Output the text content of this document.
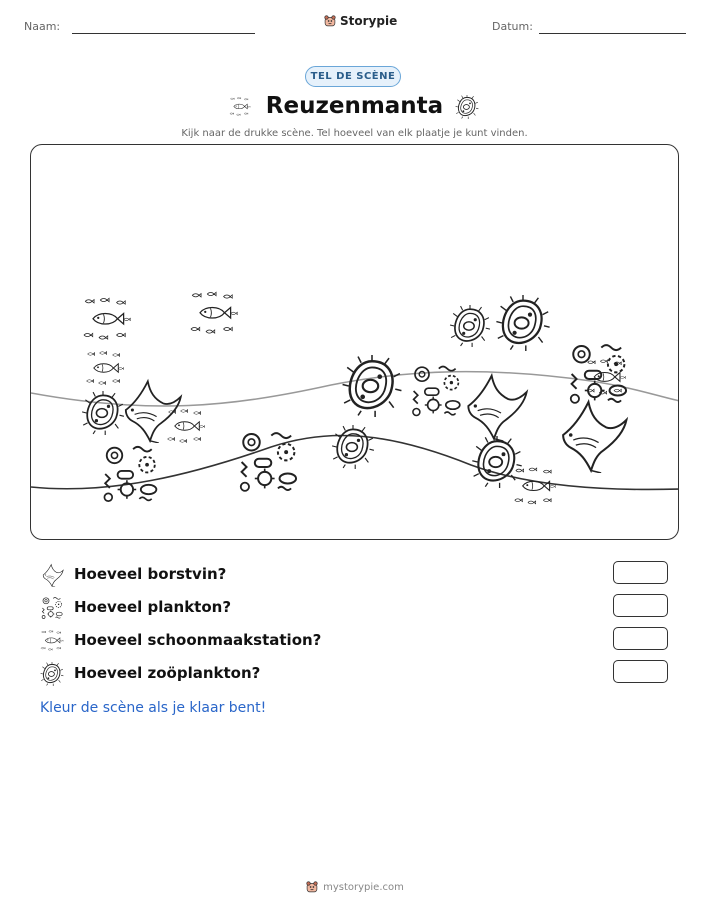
Naam:	Storypie	Datum:
TEL DE SCÈNE
Reuzenmanta
Kijk naar de drukke scène. Tel hoeveel van elk plaatje je kunt vinden.
Hoeveel borstvin?
Hoeveel plankton?
Hoeveel schoonmaakstation?
Hoeveel zoöplankton?
Kleur de scène als je klaar bent!
mystorypie.com
